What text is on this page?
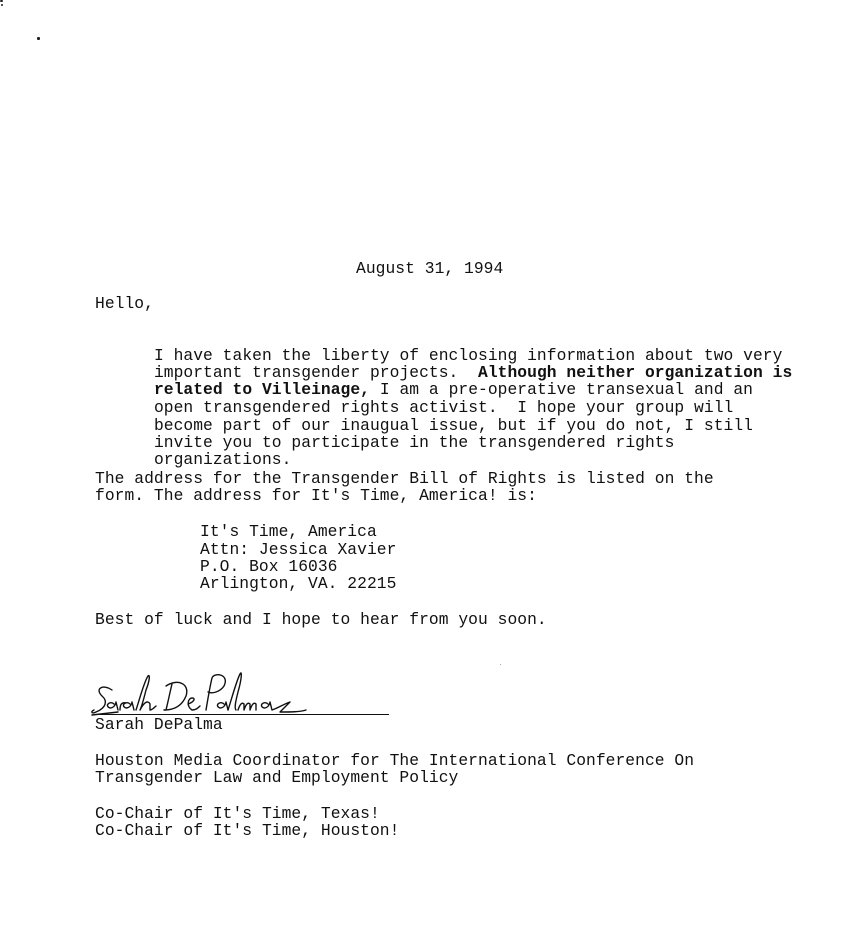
August 31, 1994
Hello,

I have taken the liberty of enclosing information about two very

important transgender projects.  Although neither organization is

related to Villeinage, I am a pre-operative transexual and an

open transgendered rights activist.  I hope your group will

become part of our inaugual issue, but if you do not, I still

invite you to participate in the transgendered rights

organizations.

The address for the Transgender Bill of Rights is listed on the
form. The address for It's Time, America! is:
It's Time, America
Attn: Jessica Xavier
P.O. Box 16036
Arlington, VA. 22215
Best of luck and I hope to hear from you soon.
Sarah DePalma
Houston Media Coordinator for The International Conference On
Transgender Law and Employment Policy
Co-Chair of It's Time, Texas!
Co-Chair of It's Time, Houston!
